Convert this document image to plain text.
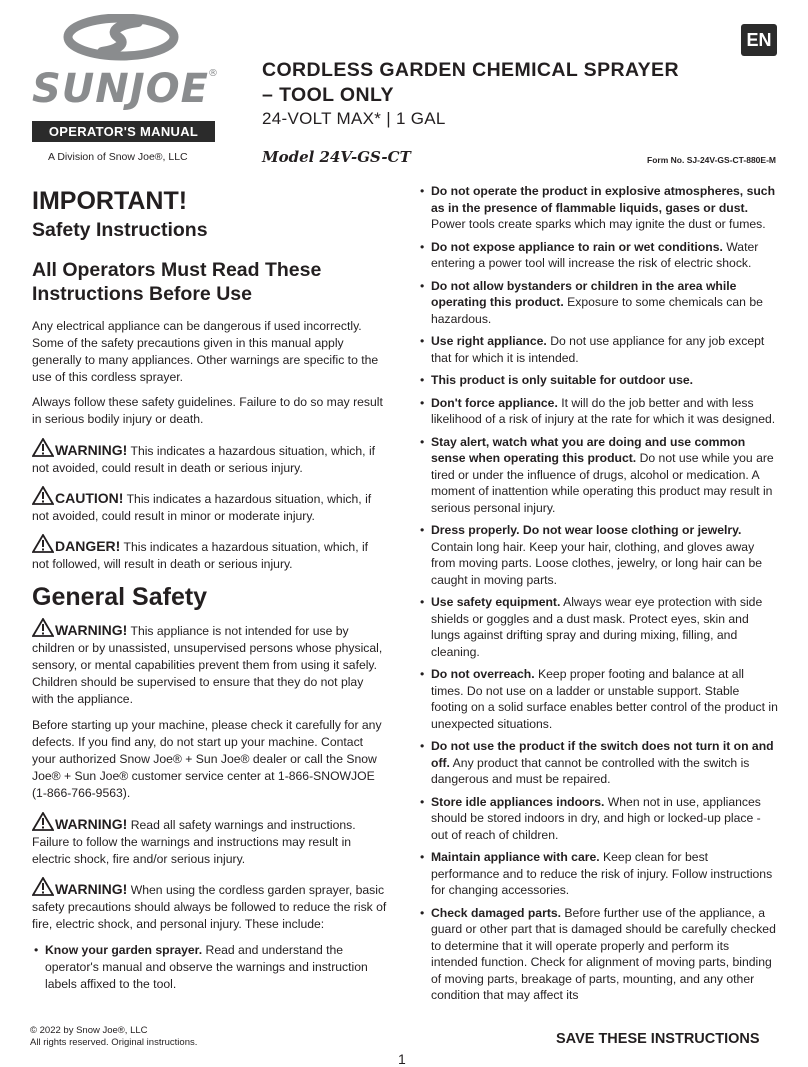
SUNJOE ®
OPERATOR'S MANUAL
A Division of Snow Joe®, LLC
CORDLESS GARDEN CHEMICAL SPRAYER
– TOOL ONLY
24-VOLT MAX* | 1 GAL
Model 24V-GS-CT	Form No. SJ-24V-GS-CT-880E-M
EN
IMPORTANT!
Safety Instructions
All Operators Must Read These Instructions Before Use

Any electrical appliance can be dangerous if used incorrectly. Some of the safety precautions given in this manual apply generally to many appliances. Other warnings are specific to the use of this cordless sprayer.

Always follow these safety guidelines. Failure to do so may result in serious bodily injury or death.

WARNING! This indicates a hazardous situation, which, if not avoided, could result in death or serious injury.

CAUTION! This indicates a hazardous situation, which, if not avoided, could result in minor or moderate injury.

DANGER! This indicates a hazardous situation, which, if not followed, will result in death or serious injury.

General Safety

WARNING! This appliance is not intended for use by children or by unassisted, unsupervised persons whose physical, sensory, or mental capabilities prevent them from using it safely. Children should be supervised to ensure that they do not play with the appliance.

Before starting up your machine, please check it carefully for any defects. If you find any, do not start up your machine. Contact your authorized Snow Joe® + Sun Joe® dealer or call the Snow Joe® + Sun Joe® customer service center at 1-866-SNOWJOE (1-866-766-9563).

WARNING! Read all safety warnings and instructions. Failure to follow the warnings and instructions may result in electric shock, fire and/or serious injury.

WARNING! When using the cordless garden sprayer, basic safety precautions should always be followed to reduce the risk of fire, electric shock, and personal injury. These include:

• Know your garden sprayer. Read and understand the operator's manual and observe the warnings and instruction labels affixed to the tool.
• Do not operate the product in explosive atmospheres, such as in the presence of flammable liquids, gases or dust. Power tools create sparks which may ignite the dust or fumes.
• Do not expose appliance to rain or wet conditions. Water entering a power tool will increase the risk of electric shock.
• Do not allow bystanders or children in the area while operating this product. Exposure to some chemicals can be hazardous.
• Use right appliance. Do not use appliance for any job except that for which it is intended.
• This product is only suitable for outdoor use.
• Don't force appliance. It will do the job better and with less likelihood of a risk of injury at the rate for which it was designed.
• Stay alert, watch what you are doing and use common sense when operating this product. Do not use while you are tired or under the influence of drugs, alcohol or medication. A moment of inattention while operating this product may result in serious personal injury.
• Dress properly. Do not wear loose clothing or jewelry. Contain long hair. Keep your hair, clothing, and gloves away from moving parts. Loose clothes, jewelry, or long hair can be caught in moving parts.
• Use safety equipment. Always wear eye protection with side shields or goggles and a dust mask. Protect eyes, skin and lungs against drifting spray and during mixing, filling, and cleaning.
• Do not overreach. Keep proper footing and balance at all times. Do not use on a ladder or unstable support. Stable footing on a solid surface enables better control of the product in unexpected situations.
• Do not use the product if the switch does not turn it on and off. Any product that cannot be controlled with the switch is dangerous and must be repaired.
• Store idle appliances indoors. When not in use, appliances should be stored indoors in dry, and high or locked-up place - out of reach of children.
• Maintain appliance with care. Keep clean for best performance and to reduce the risk of injury. Follow instructions for changing accessories.
• Check damaged parts. Before further use of the appliance, a guard or other part that is damaged should be carefully checked to determine that it will operate properly and perform its intended function. Check for alignment of moving parts, binding of moving parts, breakage of parts, mounting, and any other condition that may affect its
© 2022 by Snow Joe®, LLC
All rights reserved. Original instructions.	SAVE THESE INSTRUCTIONS
1
